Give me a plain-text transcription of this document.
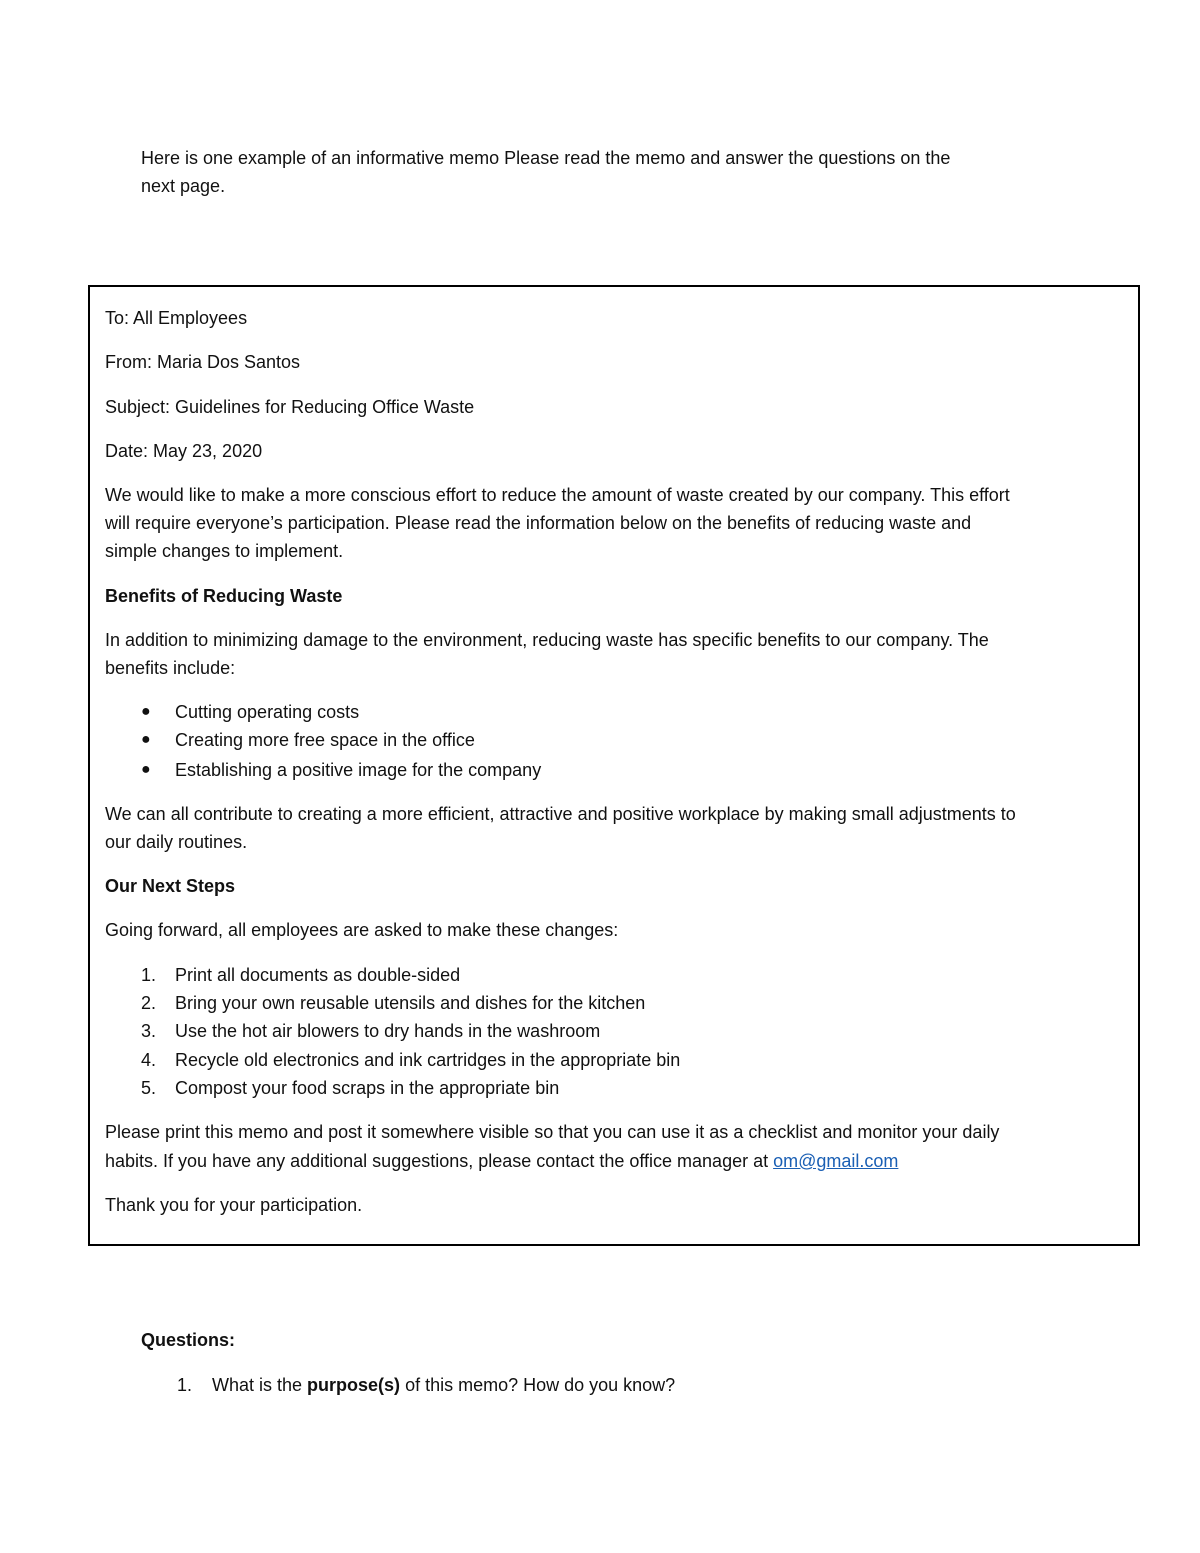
Here is one example of an informative memo Please read the memo and answer the questions on the
next page.
To: All Employees
From: Maria Dos Santos
Subject: Guidelines for Reducing Office Waste
Date: May 23, 2020
We would like to make a more conscious effort to reduce the amount of waste created by our company. This effort
will require everyone’s participation. Please read the information below on the benefits of reducing waste and
simple changes to implement.
Benefits of Reducing Waste
In addition to minimizing damage to the environment, reducing waste has specific benefits to our company. The
benefits include:
● Cutting operating costs
● Creating more free space in the office
● Establishing a positive image for the company
We can all contribute to creating a more efficient, attractive and positive workplace by making small adjustments to
our daily routines.
Our Next Steps
Going forward, all employees are asked to make these changes:
1. Print all documents as double-sided
2. Bring your own reusable utensils and dishes for the kitchen
3. Use the hot air blowers to dry hands in the washroom
4. Recycle old electronics and ink cartridges in the appropriate bin
5. Compost your food scraps in the appropriate bin
Please print this memo and post it somewhere visible so that you can use it as a checklist and monitor your daily
habits. If you have any additional suggestions, please contact the office manager at om@gmail.com
Thank you for your participation.
Questions:
1. What is the purpose(s) of this memo? How do you know?
